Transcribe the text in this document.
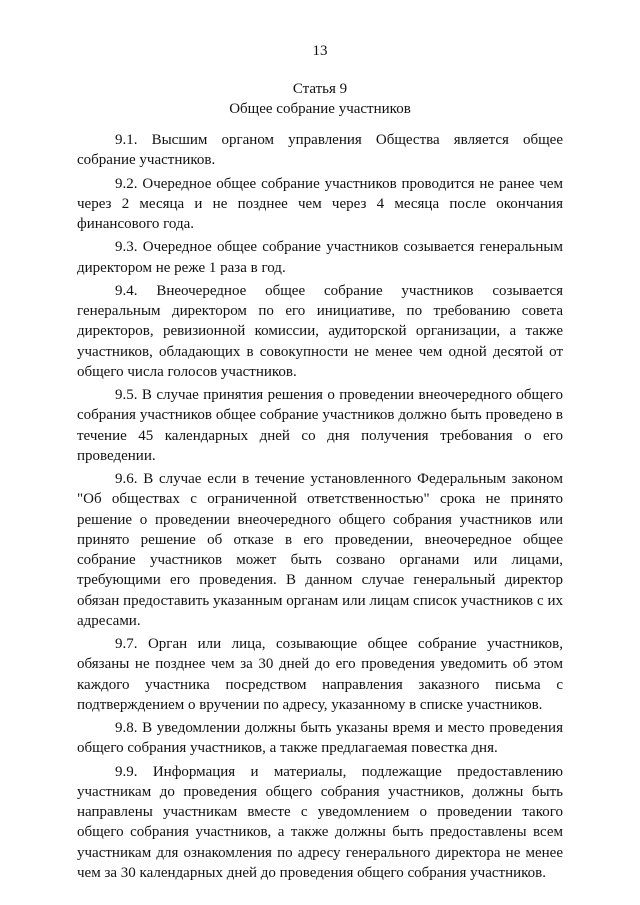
13
Статья 9
Общее собрание участников

9.1. Высшим органом управления Общества является общее собрание участников.

9.2. Очередное общее собрание участников проводится не ранее чем через 2 месяца и не позднее чем через 4 месяца после окончания финансового года.

9.3. Очередное общее собрание участников созывается генеральным директором не реже 1 раза в год.

9.4. Внеочередное общее собрание участников созывается генеральным директором по его инициативе, по требованию совета директоров, ревизионной комиссии, аудиторской организации, а также участников, обладающих в совокупности не менее чем одной десятой от общего числа голосов участников.

9.5. В случае принятия решения о проведении внеочередного общего собрания участников общее собрание участников должно быть проведено в течение 45 календарных дней со дня получения требования о его проведении.

9.6. В случае если в течение установленного Федеральным законом "Об обществах с ограниченной ответственностью" срока не принято решение о проведении внеочередного общего собрания участников или принято решение об отказе в его проведении, внеочередное общее собрание участников может быть созвано органами или лицами, требующими его проведения. В данном случае генеральный директор обязан предоставить указанным органам или лицам список участников с их адресами.

9.7. Орган или лица, созывающие общее собрание участников, обязаны не позднее чем за 30 дней до его проведения уведомить об этом каждого участника посредством направления заказного письма с подтверждением о вручении по адресу, указанному в списке участников.

9.8. В уведомлении должны быть указаны время и место проведения общего собрания участников, а также предлагаемая повестка дня.

9.9. Информация и материалы, подлежащие предоставлению участникам до проведения общего собрания участников, должны быть направлены участникам вместе с уведомлением о проведении такого общего собрания участников, а также должны быть предоставлены всем участникам для ознакомления по адресу генерального директора не менее чем за 30 календарных дней до проведения общего собрания участников.
